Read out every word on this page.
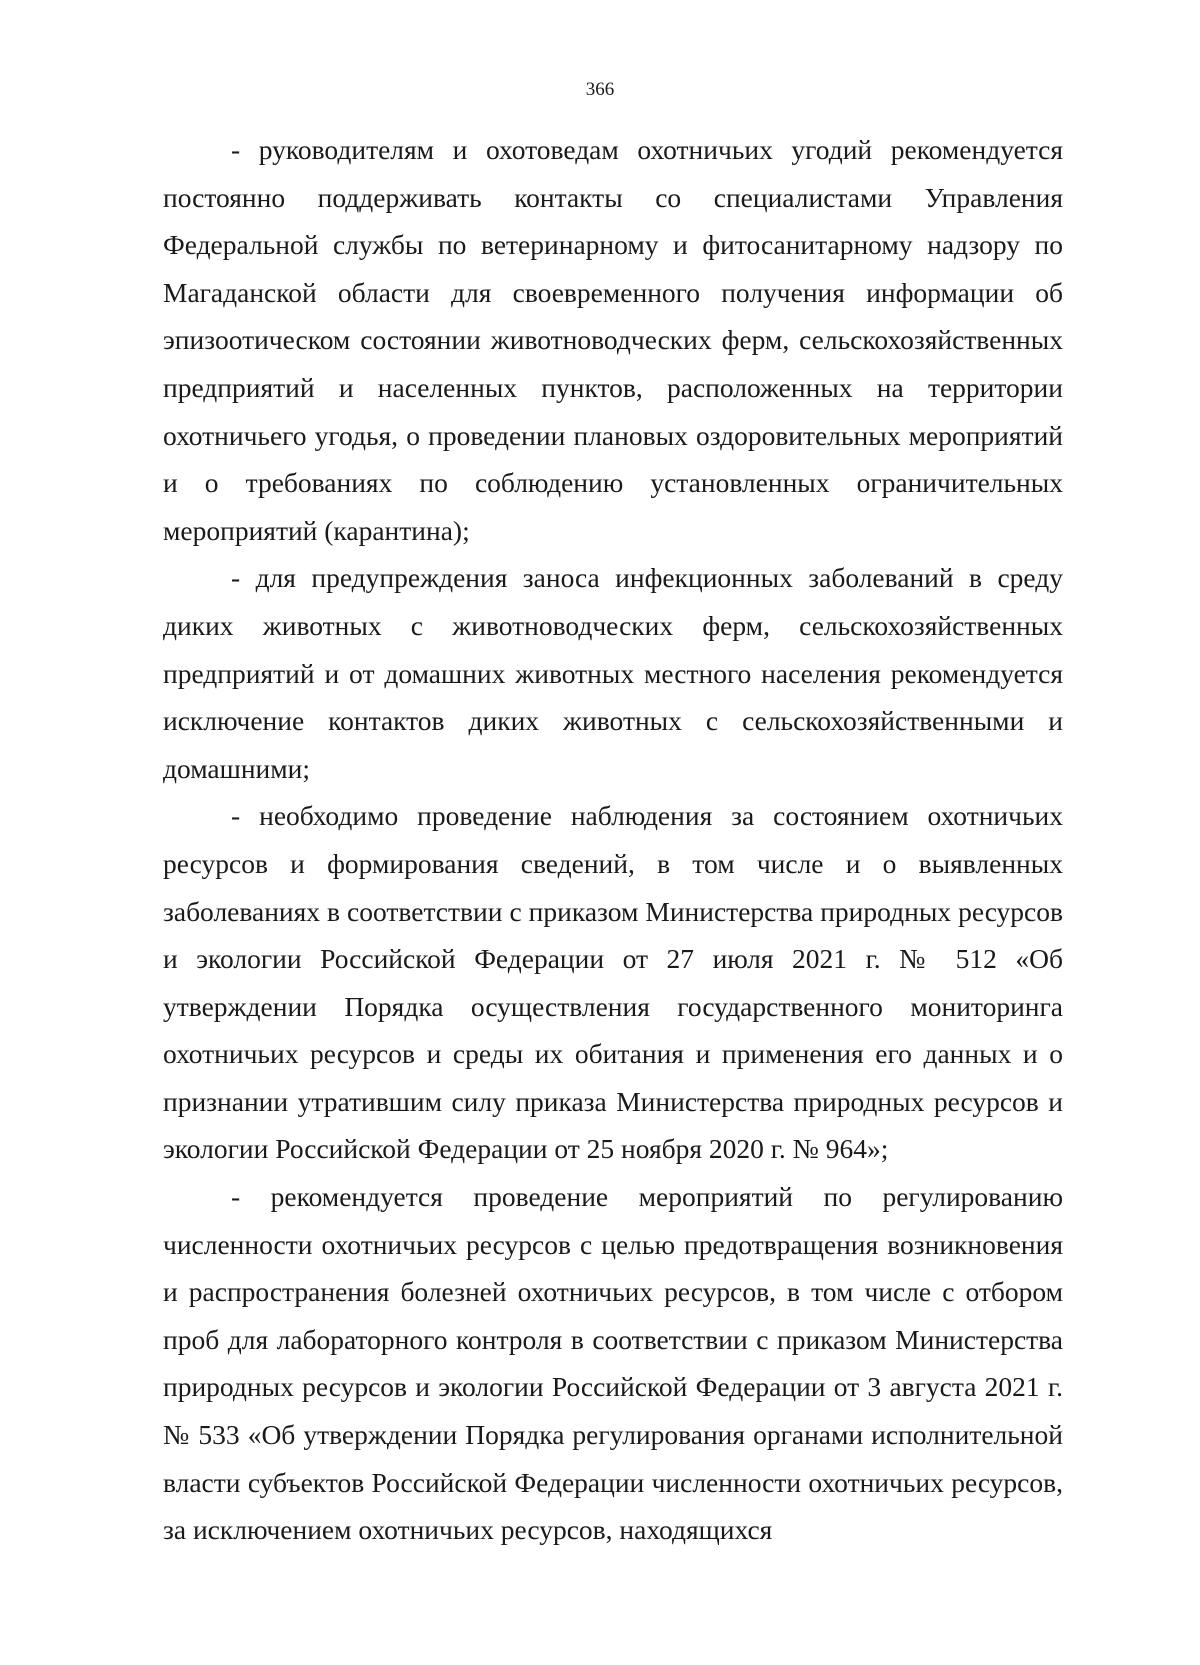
366

- руководителям и охотоведам охотничьих угодий рекомендуется постоянно поддерживать контакты со специалистами Управления Федеральной службы по ветеринарному и фитосанитарному надзору по Магаданской области для своевременного получения информации об эпизоотическом состоянии животноводческих ферм, сельскохозяйственных предприятий и населенных пунктов, расположенных на территории охотничьего угодья, о проведении плановых оздоровительных мероприятий и о требованиях по соблюдению установленных ограничительных мероприятий (карантина);

- для предупреждения заноса инфекционных заболеваний в среду диких животных с животноводческих ферм, сельскохозяйственных предприятий и от домашних животных местного населения рекомендуется исключение контактов диких животных с сельскохозяйственными и домашними;

- необходимо проведение наблюдения за состоянием охотничьих ресурсов и формирования сведений, в том числе и о выявленных заболеваниях в соответствии с приказом Министерства природных ресурсов и экологии Российской Федерации от 27 июля 2021 г. № 512 «Об утверждении Порядка осуществления государственного мониторинга охотничьих ресурсов и среды их обитания и применения его данных и о признании утратившим силу приказа Министерства природных ресурсов и экологии Российской Федерации от 25 ноября 2020 г. № 964»;

- рекомендуется проведение мероприятий по регулированию численности охотничьих ресурсов с целью предотвращения возникновения и распространения болезней охотничьих ресурсов, в том числе с отбором проб для лабораторного контроля в соответствии с приказом Министерства природных ресурсов и экологии Российской Федерации от 3 августа 2021 г. № 533 «Об утверждении Порядка регулирования органами исполнительной власти субъектов Российской Федерации численности охотничьих ресурсов, за исключением охотничьих ресурсов, находящихся
